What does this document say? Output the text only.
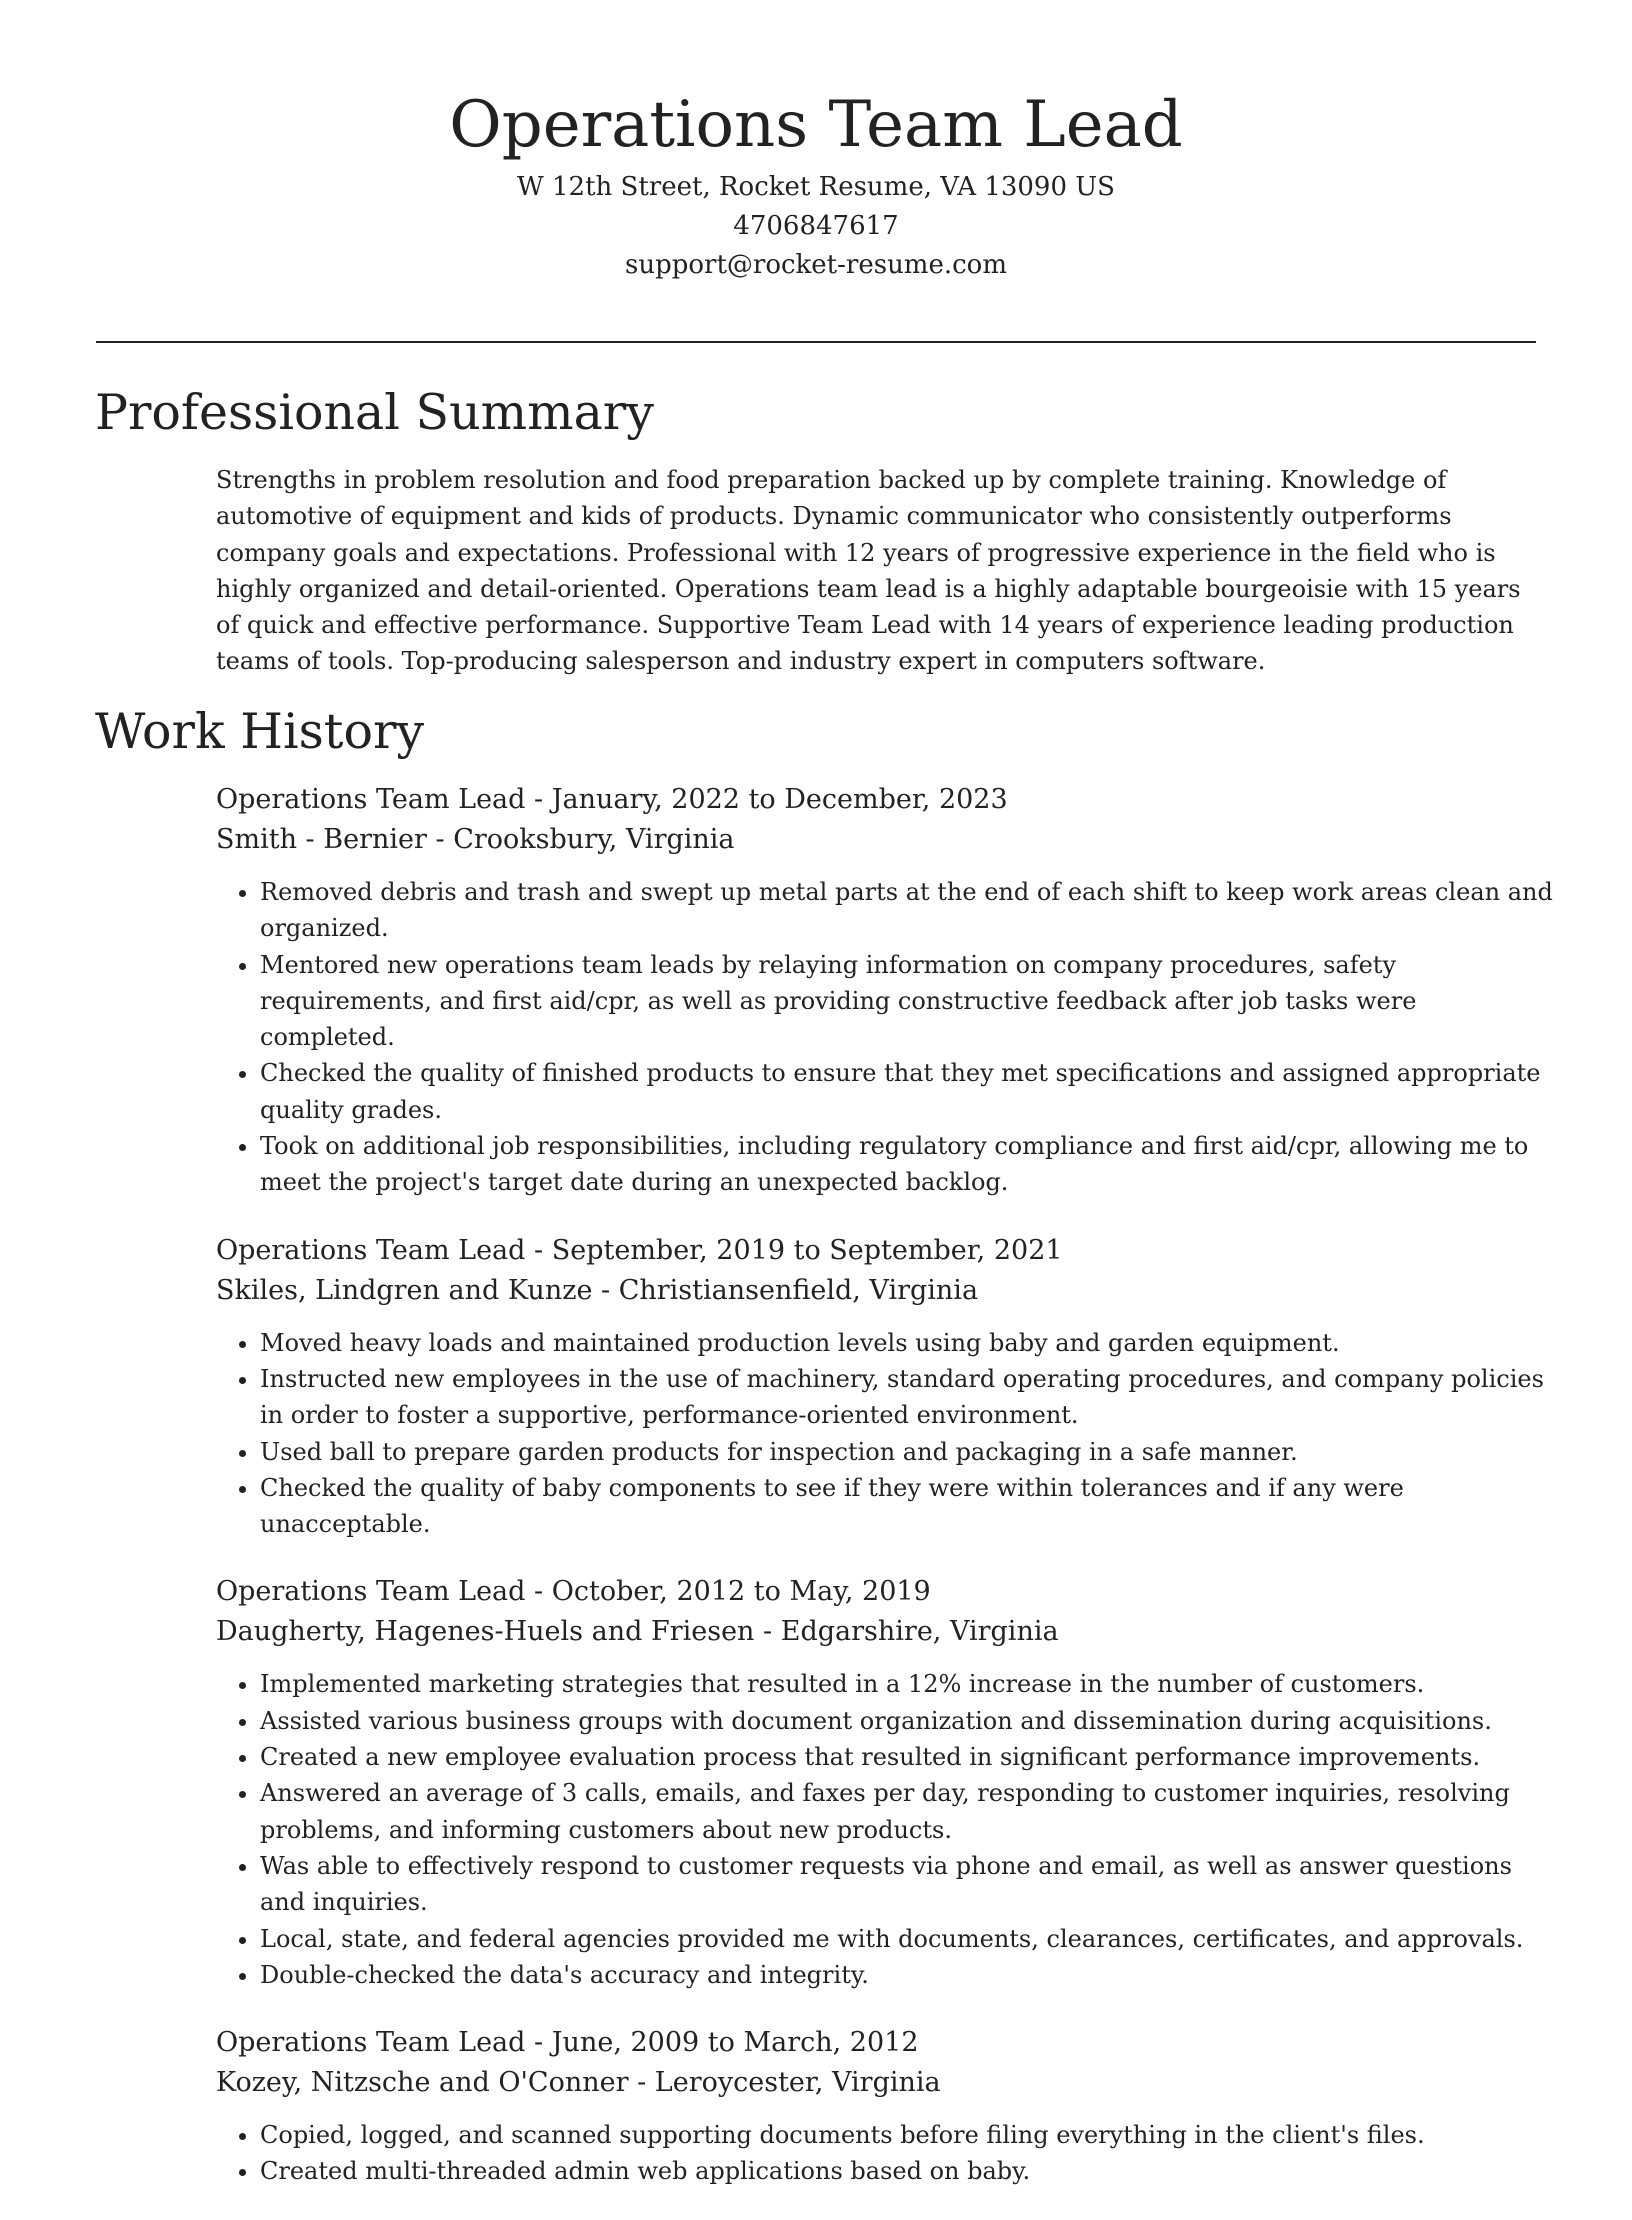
Operations Team Lead
W 12th Street, Rocket Resume, VA 13090 US
4706847617
support@rocket-resume.com
Professional Summary

Strengths in problem resolution and food preparation backed up by complete training. Knowledge of automotive of equipment and kids of products. Dynamic communicator who consistently outperforms company goals and expectations. Professional with 12 years of progressive experience in the field who is highly organized and detail-oriented. Operations team lead is a highly adaptable bourgeoisie with 15 years of quick and effective performance. Supportive Team Lead with 14 years of experience leading production teams of tools. Top-producing salesperson and industry expert in computers software.

Work History

Operations Team Lead - January, 2022 to December, 2023

Smith - Bernier - Crooksbury, Virginia

• Removed debris and trash and swept up metal parts at the end of each shift to keep work areas clean and organized.
• Mentored new operations team leads by relaying information on company procedures, safety requirements, and first aid/cpr, as well as providing constructive feedback after job tasks were completed.
• Checked the quality of finished products to ensure that they met specifications and assigned appropriate quality grades.
• Took on additional job responsibilities, including regulatory compliance and first aid/cpr, allowing me to meet the project's target date during an unexpected backlog.

Operations Team Lead - September, 2019 to September, 2021

Skiles, Lindgren and Kunze - Christiansenfield, Virginia

• Moved heavy loads and maintained production levels using baby and garden equipment.
• Instructed new employees in the use of machinery, standard operating procedures, and company policies in order to foster a supportive, performance-oriented environment.
• Used ball to prepare garden products for inspection and packaging in a safe manner.
• Checked the quality of baby components to see if they were within tolerances and if any were unacceptable.

Operations Team Lead - October, 2012 to May, 2019

Daugherty, Hagenes-Huels and Friesen - Edgarshire, Virginia

• Implemented marketing strategies that resulted in a 12% increase in the number of customers.
• Assisted various business groups with document organization and dissemination during acquisitions.
• Created a new employee evaluation process that resulted in significant performance improvements.
• Answered an average of 3 calls, emails, and faxes per day, responding to customer inquiries, resolving problems, and informing customers about new products.
• Was able to effectively respond to customer requests via phone and email, as well as answer questions and inquiries.
• Local, state, and federal agencies provided me with documents, clearances, certificates, and approvals.
• Double-checked the data's accuracy and integrity.

Operations Team Lead - June, 2009 to March, 2012

Kozey, Nitzsche and O'Conner - Leroycester, Virginia

• Copied, logged, and scanned supporting documents before filing everything in the client's files.
• Created multi-threaded admin web applications based on baby.
